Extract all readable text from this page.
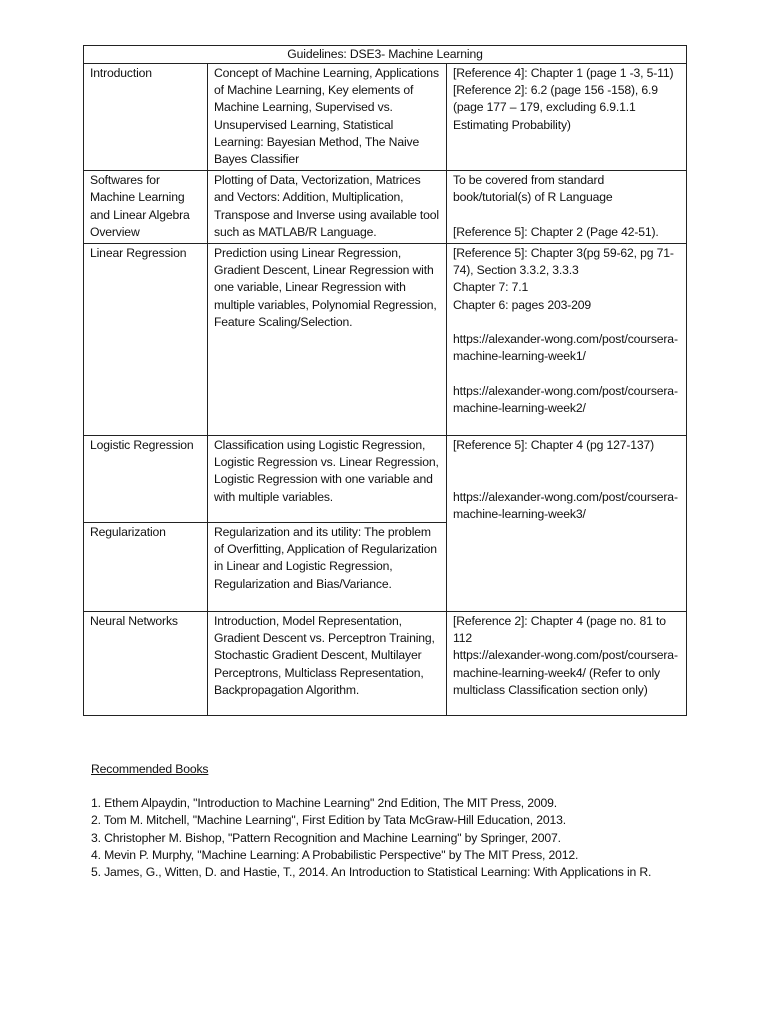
Guidelines: DSE3- Machine Learning		
Introduction	Concept of Machine Learning, Applications of Machine Learning, Key elements of Machine Learning, Supervised vs. Unsupervised Learning, Statistical Learning: Bayesian Method, The Naive Bayes Classifier	[Reference 4]: Chapter 1 (page 1 -3, 5-11)
[Reference 2]: 6.2 (page 156 -158), 6.9 (page 177 – 179, excluding 6.9.1.1 Estimating Probability)

Softwares for Machine Learning and Linear Algebra Overview	Plotting of Data, Vectorization, Matrices and Vectors: Addition, Multiplication, Transpose and Inverse using available tool such as MATLAB/R Language.	To be covered from standard book/tutorial(s) of R Language
[Reference 5]: Chapter 2 (Page 42-51).

Linear Regression	Prediction using Linear Regression, Gradient Descent, Linear Regression with one variable, Linear Regression with multiple variables, Polynomial Regression, Feature Scaling/Selection.	[Reference 5]: Chapter 3(pg 59-62, pg 71-74), Section 3.3.2, 3.3.3
Chapter 7: 7.1
Chapter 6: pages 203-209
https://alexander-wong.com/post/coursera-machine-learning-week1/
https://alexander-wong.com/post/coursera-machine-learning-week2/

Logistic Regression	Classification using Logistic Regression, Logistic Regression vs. Linear Regression, Logistic Regression with one variable and with multiple variables.	[Reference 5]: Chapter 4 (pg 127-137)
https://alexander-wong.com/post/coursera-machine-learning-week3/

Regularization	Regularization and its utility: The problem of Overfitting, Application of Regularization in Linear and Logistic Regression, Regularization and Bias/Variance.	
Neural Networks	Introduction, Model Representation, Gradient Descent vs. Perceptron Training, Stochastic Gradient Descent, Multilayer Perceptrons, Multiclass Representation, Backpropagation Algorithm.	[Reference 2]: Chapter 4 (page no. 81 to 112
https://alexander-wong.com/post/coursera-machine-learning-week4/ (Refer to only multiclass Classification section only)
Recommended Books
1. Ethem Alpaydin, "Introduction to Machine Learning" 2nd Edition, The MIT Press, 2009.
2. Tom M. Mitchell, "Machine Learning", First Edition by Tata McGraw-Hill Education, 2013.
3. Christopher M. Bishop, "Pattern Recognition and Machine Learning" by Springer, 2007.
4. Mevin P. Murphy, "Machine Learning: A Probabilistic Perspective" by The MIT Press, 2012.
5. James, G., Witten, D. and Hastie, T., 2014. An Introduction to Statistical Learning: With Applications in R.
